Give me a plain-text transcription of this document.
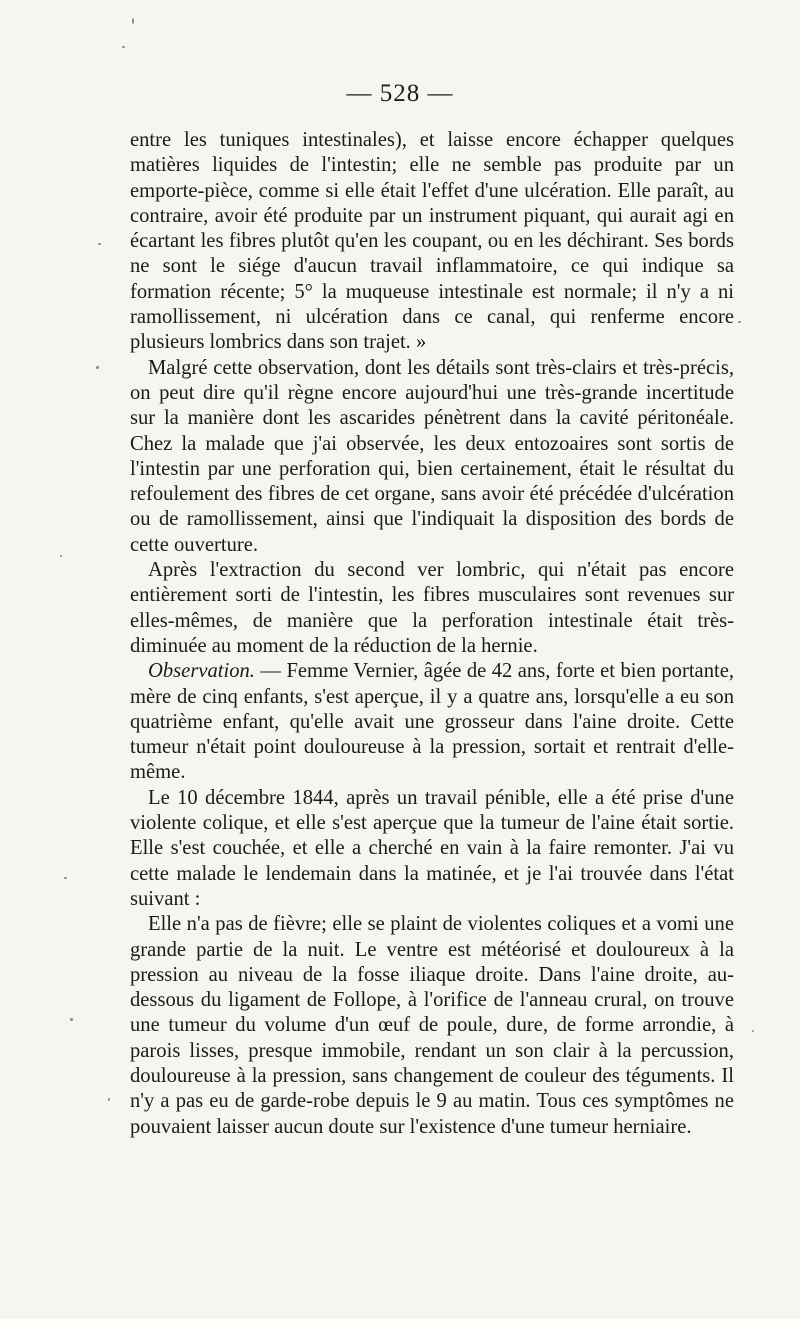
— 528 —

entre les tuniques intestinales), et laisse encore échapper quelques matières liquides de l'intestin; elle ne semble pas produite par un emporte-pièce, comme si elle était l'effet d'une ulcération. Elle paraît, au contraire, avoir été produite par un instrument piquant, qui aurait agi en écartant les fibres plutôt qu'en les coupant, ou en les déchirant. Ses bords ne sont le siége d'aucun travail inflammatoire, ce qui indique sa formation récente; 5° la muqueuse intestinale est normale; il n'y a ni ramollissement, ni ulcération dans ce canal, qui renferme encore plusieurs lombrics dans son trajet. »

Malgré cette observation, dont les détails sont très-clairs et très-précis, on peut dire qu'il règne encore aujourd'hui une très-grande incertitude sur la manière dont les ascarides pénètrent dans la cavité péritonéale. Chez la malade que j'ai observée, les deux entozoaires sont sortis de l'intestin par une perforation qui, bien certainement, était le résultat du refoulement des fibres de cet organe, sans avoir été précédée d'ulcération ou de ramollissement, ainsi que l'indiquait la disposition des bords de cette ouverture.

Après l'extraction du second ver lombric, qui n'était pas encore entièrement sorti de l'intestin, les fibres musculaires sont revenues sur elles-mêmes, de manière que la perforation intestinale était très-diminuée au moment de la réduction de la hernie.

Observation. — Femme Vernier, âgée de 42 ans, forte et bien portante, mère de cinq enfants, s'est aperçue, il y a quatre ans, lorsqu'elle a eu son quatrième enfant, qu'elle avait une grosseur dans l'aine droite. Cette tumeur n'était point douloureuse à la pression, sortait et rentrait d'elle-même.

Le 10 décembre 1844, après un travail pénible, elle a été prise d'une violente colique, et elle s'est aperçue que la tumeur de l'aine était sortie. Elle s'est couchée, et elle a cherché en vain à la faire remonter. J'ai vu cette malade le lendemain dans la matinée, et je l'ai trouvée dans l'état suivant :

Elle n'a pas de fièvre; elle se plaint de violentes coliques et a vomi une grande partie de la nuit. Le ventre est météorisé et douloureux à la pression au niveau de la fosse iliaque droite. Dans l'aine droite, au-dessous du ligament de Follope, à l'orifice de l'anneau crural, on trouve une tumeur du volume d'un œuf de poule, dure, de forme arrondie, à parois lisses, presque immobile, rendant un son clair à la percussion, douloureuse à la pression, sans changement de couleur des téguments. Il n'y a pas eu de garde-robe depuis le 9 au matin. Tous ces symptômes ne pouvaient laisser aucun doute sur l'existence d'une tumeur herniaire.
